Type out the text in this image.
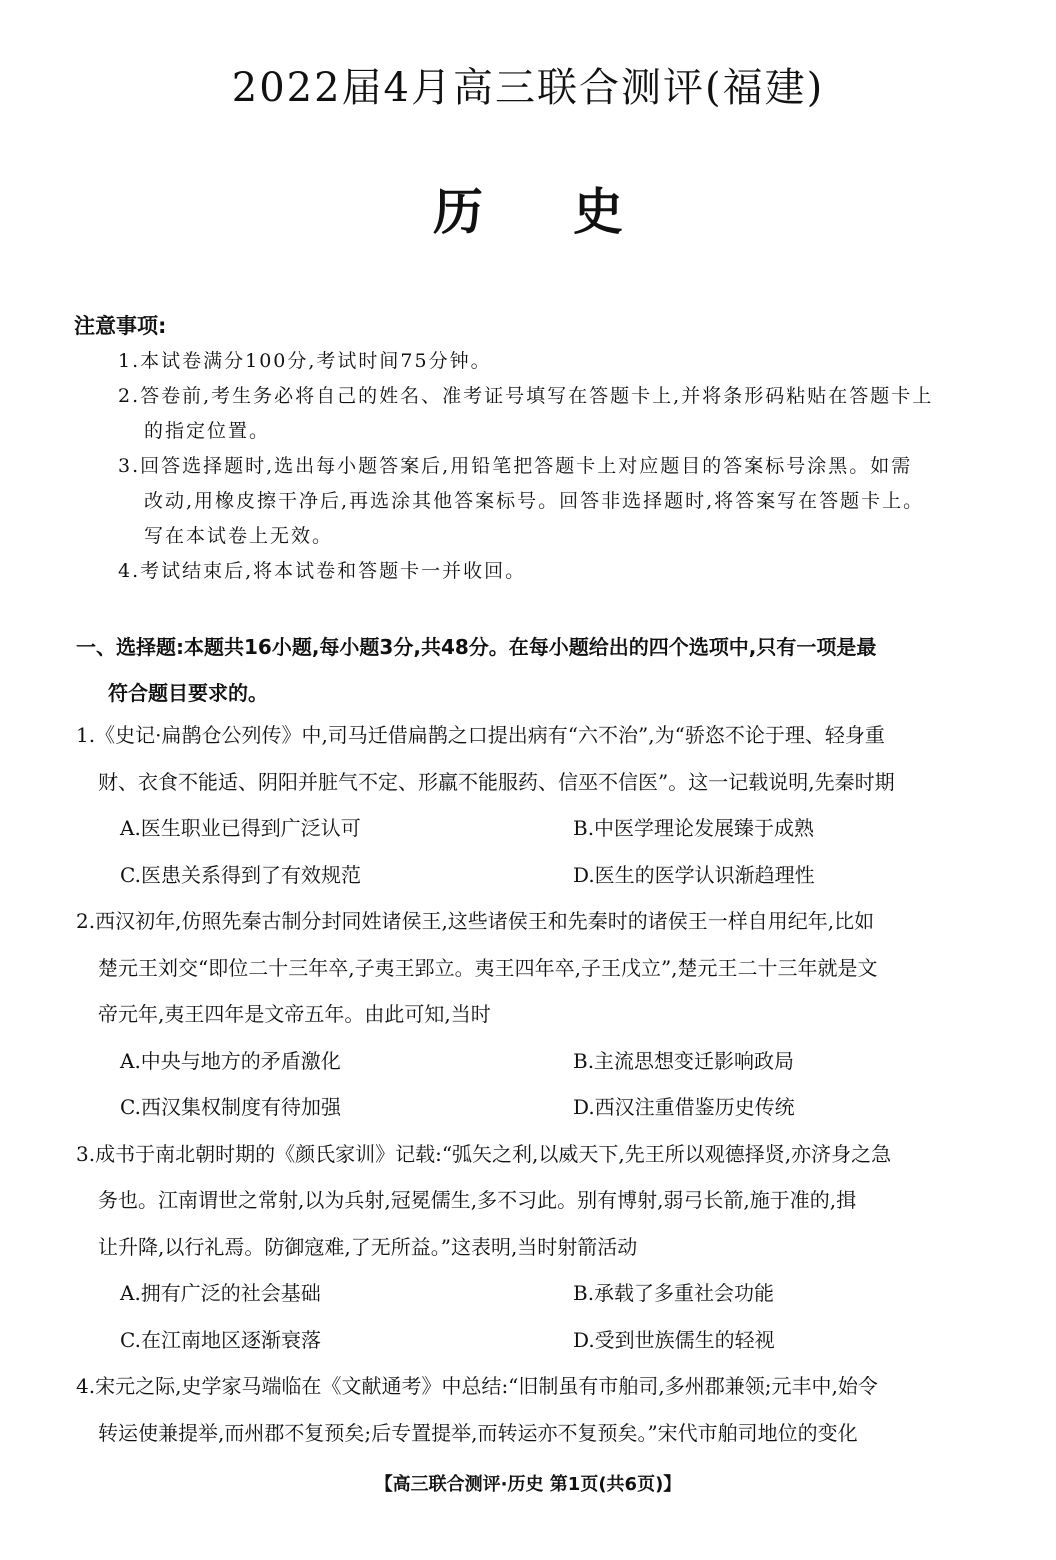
2022届4月高三联合测评(福建)
历史
注意事项:
1.本试卷满分100分,考试时间75分钟。
2.答卷前,考生务必将自己的姓名、准考证号填写在答题卡上,并将条形码粘贴在答题卡上
的指定位置。
3.回答选择题时,选出每小题答案后,用铅笔把答题卡上对应题目的答案标号涂黑。如需
改动,用橡皮擦干净后,再选涂其他答案标号。回答非选择题时,将答案写在答题卡上。
写在本试卷上无效。
4.考试结束后,将本试卷和答题卡一并收回。
一、选择题:本题共16小题,每小题3分,共48分。在每小题给出的四个选项中,只有一项是最
符合题目要求的。
1.《史记·扁鹊仓公列传》中,司马迁借扁鹊之口提出病有“六不治”,为“骄恣不论于理、轻身重
财、衣食不能适、阴阳并脏气不定、形羸不能服药、信巫不信医”。这一记载说明,先秦时期
A.医生职业已得到广泛认可	B.中医学理论发展臻于成熟
C.医患关系得到了有效规范	D.医生的医学认识渐趋理性
2.西汉初年,仿照先秦古制分封同姓诸侯王,这些诸侯王和先秦时的诸侯王一样自用纪年,比如
楚元王刘交“即位二十三年卒,子夷王郢立。夷王四年卒,子王戊立”,楚元王二十三年就是文
帝元年,夷王四年是文帝五年。由此可知,当时
A.中央与地方的矛盾激化	B.主流思想变迁影响政局
C.西汉集权制度有待加强	D.西汉注重借鉴历史传统
3.成书于南北朝时期的《颜氏家训》记载:“弧矢之利,以威天下,先王所以观德择贤,亦济身之急
务也。江南谓世之常射,以为兵射,冠冕儒生,多不习此。别有博射,弱弓长箭,施于准的,揖
让升降,以行礼焉。防御寇难,了无所益。”这表明,当时射箭活动
A.拥有广泛的社会基础	B.承载了多重社会功能
C.在江南地区逐渐衰落	D.受到世族儒生的轻视
4.宋元之际,史学家马端临在《文献通考》中总结:“旧制虽有市舶司,多州郡兼领;元丰中,始令
转运使兼提举,而州郡不复预矣;后专置提举,而转运亦不复预矣。”宋代市舶司地位的变化
【高三联合测评·历史 第1页(共6页)】
